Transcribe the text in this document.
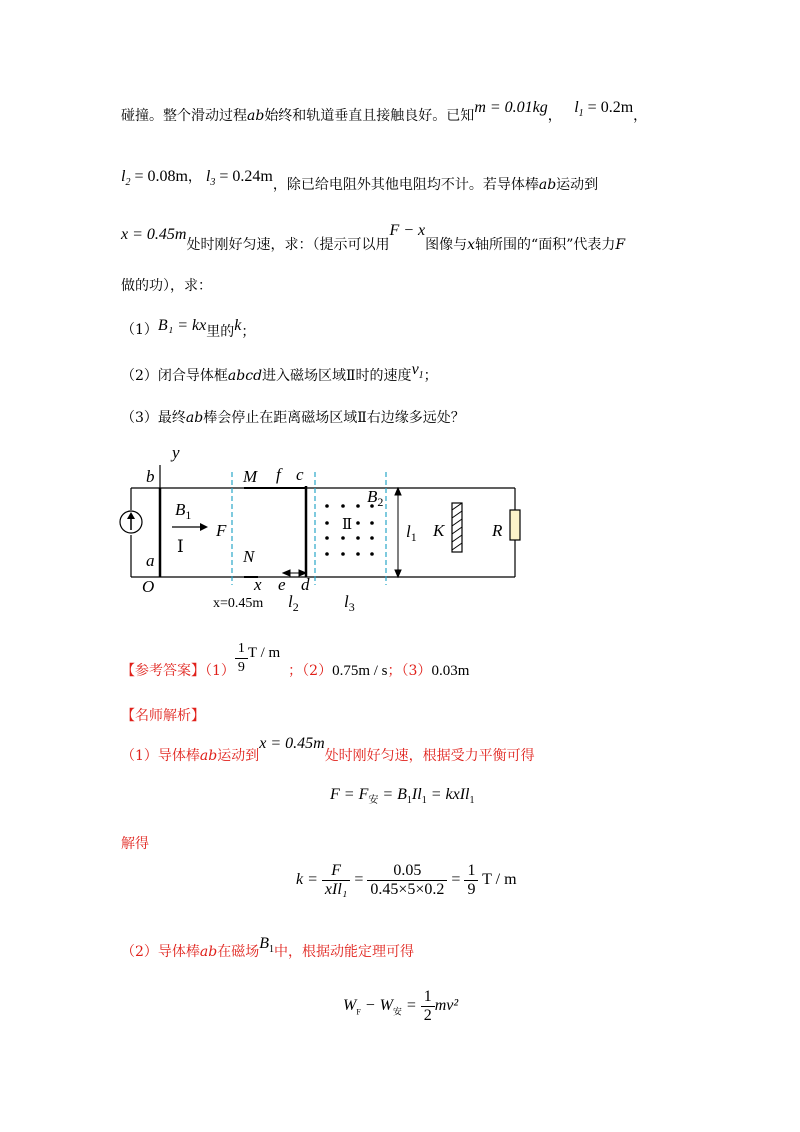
碰撞。整个滑动过程ab始终和轨道垂直且接触良好。已知m = 0.01kg， $l_1 = 0.2m$，
$l_2 = 0.08m$， $l_3 = 0.24m$，除已给电阻外其他电阻均不计。若导体棒ab运动到
x = 0.45m处时刚好匀速，求：（提示可以用F − x图像与x轴所围的“面积”代表力F
做的功），求：
（1）B₁ = kx里的k；
（2）闭合导体框abcd进入磁场区域Ⅱ时的速度$v_1$；
（3）最终ab棒会停止在距离磁场区域Ⅱ右边缘多远处？
y
b	M f c
$B_2$
$B_1$
F
Ⅰ
Ⅱ	$l_1$ K	R
a	N
O	x e d
x=0.45m $l_2$	$l_3$
【参考答案】$(1) \frac{1}{9}$ T / m；（2）0.75m / s；（3）0.03m
【名师解析】
（1）导体棒ab运动到x = 0.45m处时刚好匀速，根据受力平衡可得
$F = F_安 = B_1Il_1$ = kxIl$_1$
解得
$k = \frac{F}{\text{xIl₁}} = \frac{0.05}{0.45\times 5\times 0.2} = \frac{1}{9}$ T / m
（2）导体棒ab在磁场$B_1$中，根据动能定理可得
$W_F - W_安 = \frac{1}{2} mv^2$
